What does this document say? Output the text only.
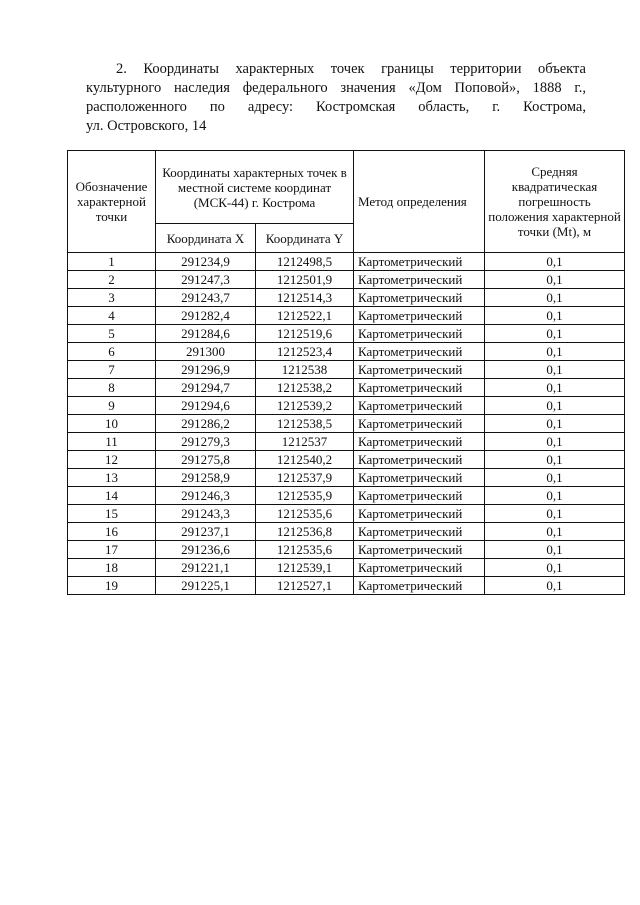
2. Координаты характерных точек границы территории объекта
культурного наследия федерального значения «Дом Поповой», 1888 г.,
расположенного по адресу: Костромская область, г. Кострома,
ул. Островского, 14
Обозначение характерной точки	Координаты характерных точек в местной системе координат (МСК-44) г. Кострома		Метод определения	Средняя квадратическая погрешность положения характерной точки (Mt), м
	Координата X	Координата Y		
1	291234,9	1212498,5	Картометрический	0,1
2	291247,3	1212501,9	Картометрический	0,1
3	291243,7	1212514,3	Картометрический	0,1
4	291282,4	1212522,1	Картометрический	0,1
5	291284,6	1212519,6	Картометрический	0,1
6	291300	1212523,4	Картометрический	0,1
7	291296,9	1212538	Картометрический	0,1
8	291294,7	1212538,2	Картометрический	0,1
9	291294,6	1212539,2	Картометрический	0,1
10	291286,2	1212538,5	Картометрический	0,1
11	291279,3	1212537	Картометрический	0,1
12	291275,8	1212540,2	Картометрический	0,1
13	291258,9	1212537,9	Картометрический	0,1
14	291246,3	1212535,9	Картометрический	0,1
15	291243,3	1212535,6	Картометрический	0,1
16	291237,1	1212536,8	Картометрический	0,1
17	291236,6	1212535,6	Картометрический	0,1
18	291221,1	1212539,1	Картометрический	0,1
19	291225,1	1212527,1	Картометрический	0,1
